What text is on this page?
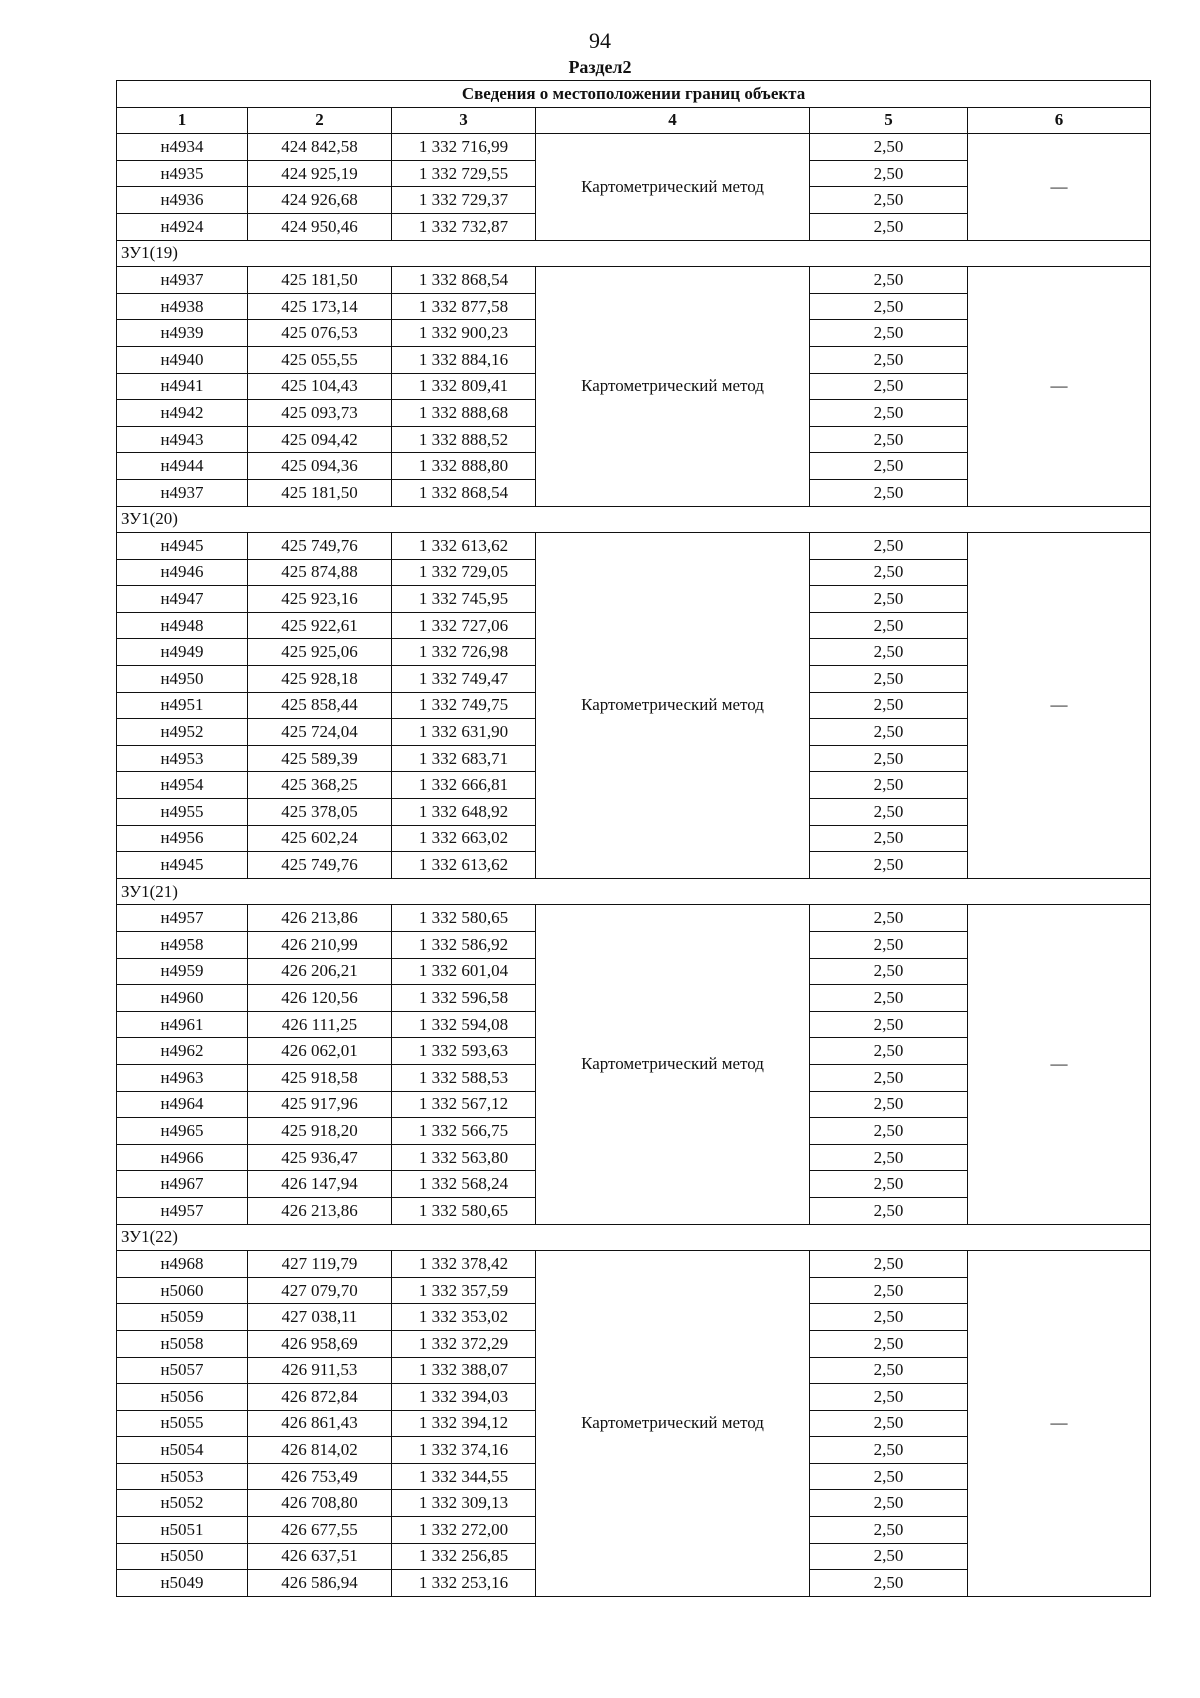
94
Раздел2
Сведения о местоположении границ объекта					
1	2	3	4	5	6
н4934	424 842,58	1 332 716,99	Картометрический метод	2,50	—
н4935	424 925,19	1 332 729,55		2,50	
н4936	424 926,68	1 332 729,37		2,50	
н4924	424 950,46	1 332 732,87		2,50	
ЗУ1(19)					
н4937	425 181,50	1 332 868,54	Картометрический метод	2,50	—
н4938	425 173,14	1 332 877,58		2,50	
н4939	425 076,53	1 332 900,23		2,50	
н4940	425 055,55	1 332 884,16		2,50	
н4941	425 104,43	1 332 809,41		2,50	
н4942	425 093,73	1 332 888,68		2,50	
н4943	425 094,42	1 332 888,52		2,50	
н4944	425 094,36	1 332 888,80		2,50	
н4937	425 181,50	1 332 868,54		2,50	
ЗУ1(20)					
н4945	425 749,76	1 332 613,62	Картометрический метод	2,50	—
н4946	425 874,88	1 332 729,05		2,50	
н4947	425 923,16	1 332 745,95		2,50	
н4948	425 922,61	1 332 727,06		2,50	
н4949	425 925,06	1 332 726,98		2,50	
н4950	425 928,18	1 332 749,47		2,50	
н4951	425 858,44	1 332 749,75		2,50	
н4952	425 724,04	1 332 631,90		2,50	
н4953	425 589,39	1 332 683,71		2,50	
н4954	425 368,25	1 332 666,81		2,50	
н4955	425 378,05	1 332 648,92		2,50	
н4956	425 602,24	1 332 663,02		2,50	
н4945	425 749,76	1 332 613,62		2,50	
ЗУ1(21)					
н4957	426 213,86	1 332 580,65	Картометрический метод	2,50	—
н4958	426 210,99	1 332 586,92		2,50	
н4959	426 206,21	1 332 601,04		2,50	
н4960	426 120,56	1 332 596,58		2,50	
н4961	426 111,25	1 332 594,08		2,50	
н4962	426 062,01	1 332 593,63		2,50	
н4963	425 918,58	1 332 588,53		2,50	
н4964	425 917,96	1 332 567,12		2,50	
н4965	425 918,20	1 332 566,75		2,50	
н4966	425 936,47	1 332 563,80		2,50	
н4967	426 147,94	1 332 568,24		2,50	
н4957	426 213,86	1 332 580,65		2,50	
ЗУ1(22)					
н4968	427 119,79	1 332 378,42	Картометрический метод	2,50	—
н5060	427 079,70	1 332 357,59		2,50	
н5059	427 038,11	1 332 353,02		2,50	
н5058	426 958,69	1 332 372,29		2,50	
н5057	426 911,53	1 332 388,07		2,50	
н5056	426 872,84	1 332 394,03		2,50	
н5055	426 861,43	1 332 394,12		2,50	
н5054	426 814,02	1 332 374,16		2,50	
н5053	426 753,49	1 332 344,55		2,50	
н5052	426 708,80	1 332 309,13		2,50	
н5051	426 677,55	1 332 272,00		2,50	
н5050	426 637,51	1 332 256,85		2,50	
н5049	426 586,94	1 332 253,16		2,50	
